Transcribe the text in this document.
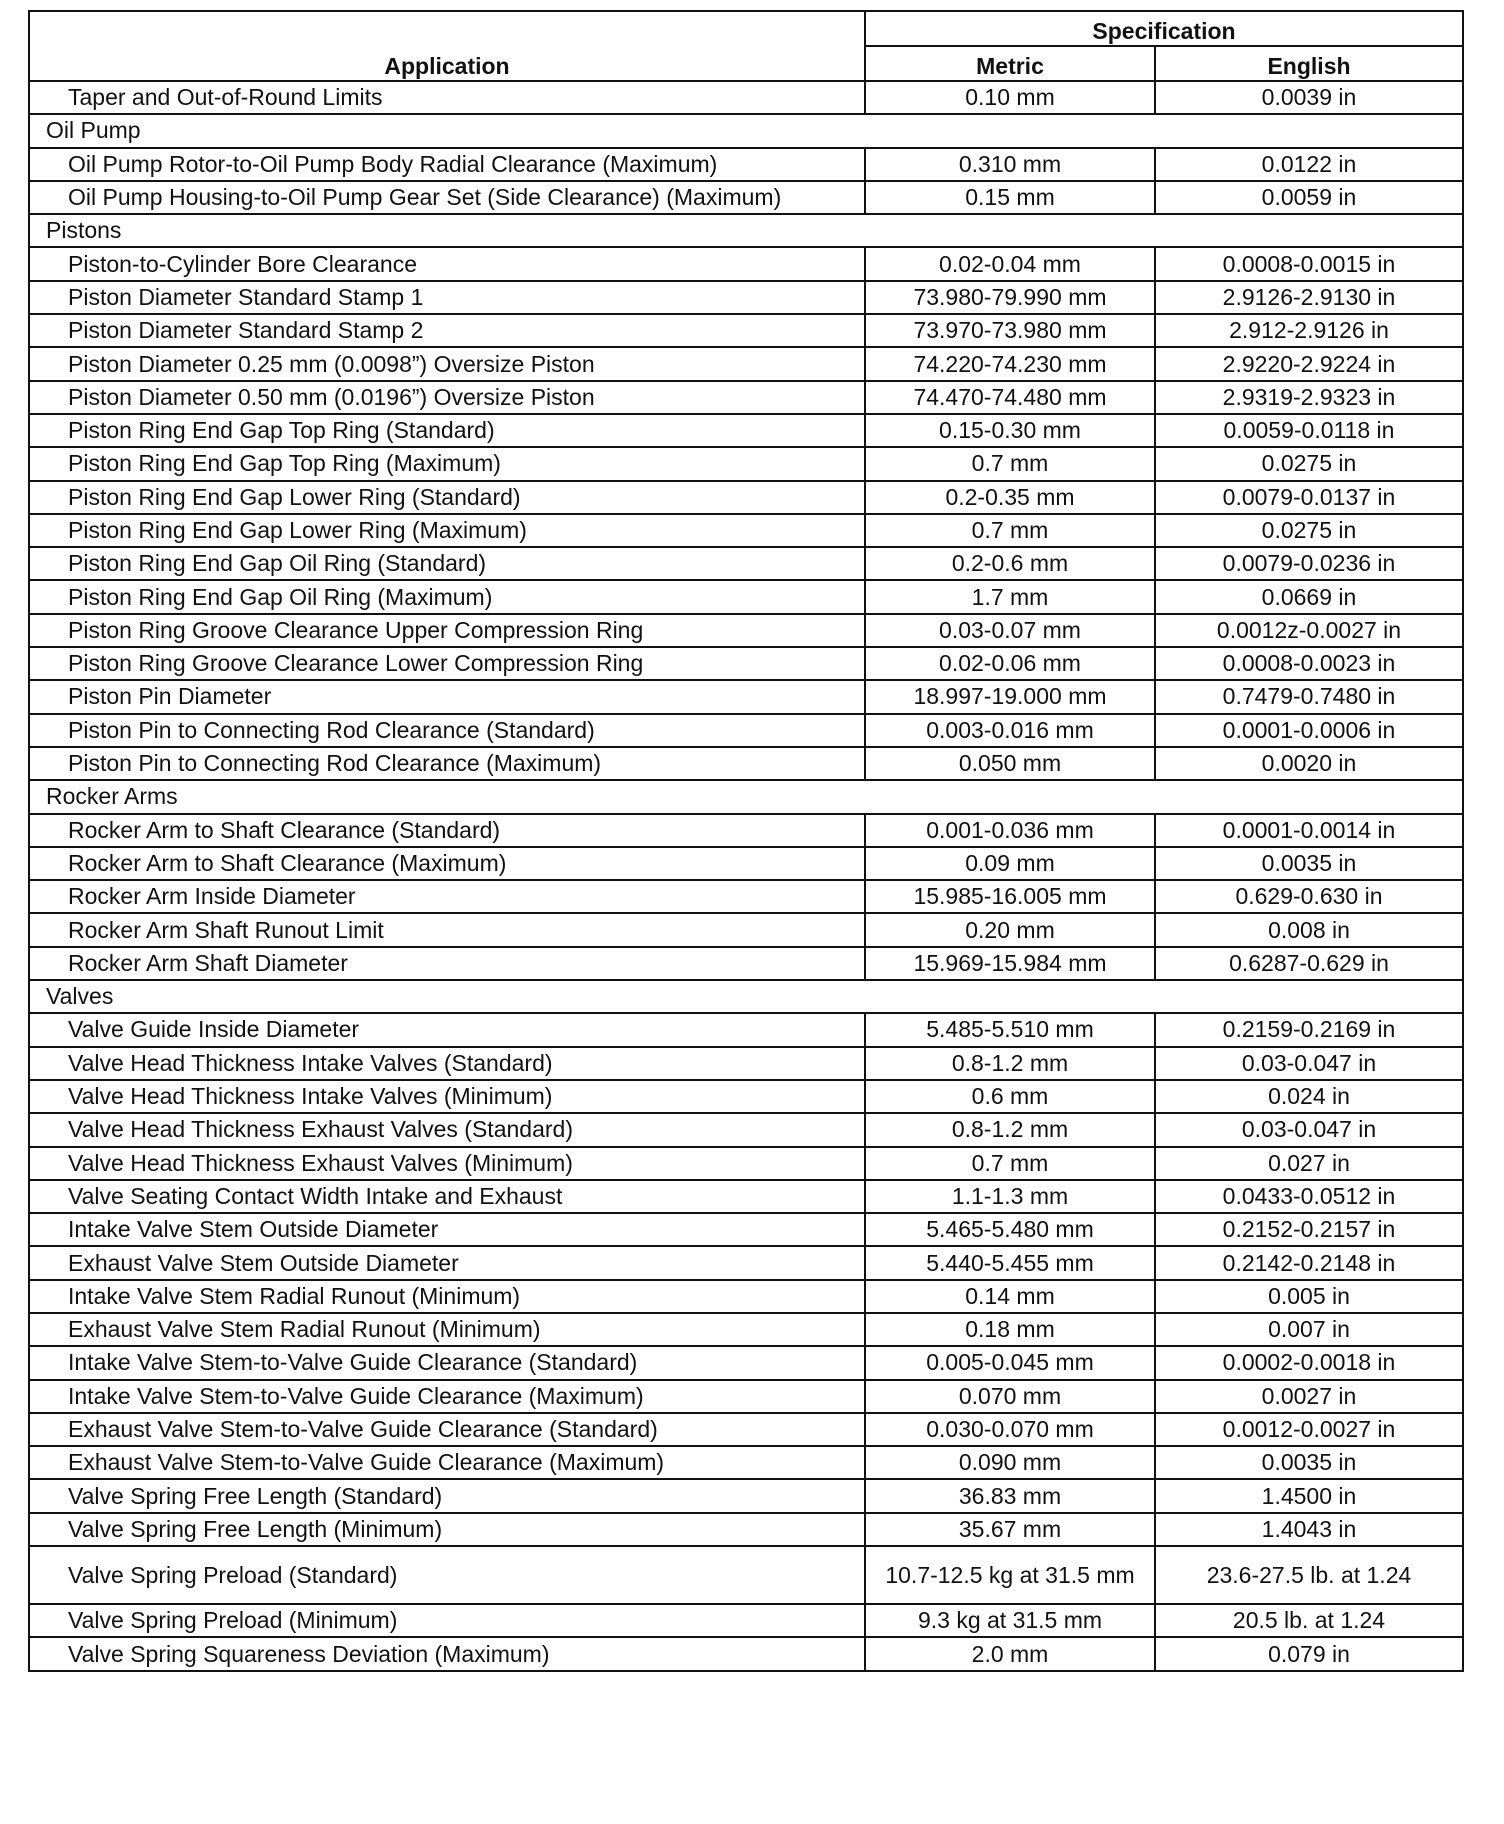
Application	Specification	
	Metric	English
Taper and Out-of-Round Limits	0.10 mm	0.0039 in
Oil Pump		
Oil Pump Rotor-to-Oil Pump Body Radial Clearance (Maximum)	0.310 mm	0.0122 in
Oil Pump Housing-to-Oil Pump Gear Set (Side Clearance) (Maximum)	0.15 mm	0.0059 in
Pistons		
Piston-to-Cylinder Bore Clearance	0.02-0.04 mm	0.0008-0.0015 in
Piston Diameter Standard Stamp 1	73.980-79.990 mm	2.9126-2.9130 in
Piston Diameter Standard Stamp 2	73.970-73.980 mm	2.912-2.9126 in
Piston Diameter 0.25 mm (0.0098”) Oversize Piston	74.220-74.230 mm	2.9220-2.9224 in
Piston Diameter 0.50 mm (0.0196”) Oversize Piston	74.470-74.480 mm	2.9319-2.9323 in
Piston Ring End Gap Top Ring (Standard)	0.15-0.30 mm	0.0059-0.0118 in
Piston Ring End Gap Top Ring (Maximum)	0.7 mm	0.0275 in
Piston Ring End Gap Lower Ring (Standard)	0.2-0.35 mm	0.0079-0.0137 in
Piston Ring End Gap Lower Ring (Maximum)	0.7 mm	0.0275 in
Piston Ring End Gap Oil Ring (Standard)	0.2-0.6 mm	0.0079-0.0236 in
Piston Ring End Gap Oil Ring (Maximum)	1.7 mm	0.0669 in
Piston Ring Groove Clearance Upper Compression Ring	0.03-0.07 mm	0.0012z-0.0027 in
Piston Ring Groove Clearance Lower Compression Ring	0.02-0.06 mm	0.0008-0.0023 in
Piston Pin Diameter	18.997-19.000 mm	0.7479-0.7480 in
Piston Pin to Connecting Rod Clearance (Standard)	0.003-0.016 mm	0.0001-0.0006 in
Piston Pin to Connecting Rod Clearance (Maximum)	0.050 mm	0.0020 in
Rocker Arms		
Rocker Arm to Shaft Clearance (Standard)	0.001-0.036 mm	0.0001-0.0014 in
Rocker Arm to Shaft Clearance (Maximum)	0.09 mm	0.0035 in
Rocker Arm Inside Diameter	15.985-16.005 mm	0.629-0.630 in
Rocker Arm Shaft Runout Limit	0.20 mm	0.008 in
Rocker Arm Shaft Diameter	15.969-15.984 mm	0.6287-0.629 in
Valves		
Valve Guide Inside Diameter	5.485-5.510 mm	0.2159-0.2169 in
Valve Head Thickness Intake Valves (Standard)	0.8-1.2 mm	0.03-0.047 in
Valve Head Thickness Intake Valves (Minimum)	0.6 mm	0.024 in
Valve Head Thickness Exhaust Valves (Standard)	0.8-1.2 mm	0.03-0.047 in
Valve Head Thickness Exhaust Valves (Minimum)	0.7 mm	0.027 in
Valve Seating Contact Width Intake and Exhaust	1.1-1.3 mm	0.0433-0.0512 in
Intake Valve Stem Outside Diameter	5.465-5.480 mm	0.2152-0.2157 in
Exhaust Valve Stem Outside Diameter	5.440-5.455 mm	0.2142-0.2148 in
Intake Valve Stem Radial Runout (Minimum)	0.14 mm	0.005 in
Exhaust Valve Stem Radial Runout (Minimum)	0.18 mm	0.007 in
Intake Valve Stem-to-Valve Guide Clearance (Standard)	0.005-0.045 mm	0.0002-0.0018 in
Intake Valve Stem-to-Valve Guide Clearance (Maximum)	0.070 mm	0.0027 in
Exhaust Valve Stem-to-Valve Guide Clearance (Standard)	0.030-0.070 mm	0.0012-0.0027 in
Exhaust Valve Stem-to-Valve Guide Clearance (Maximum)	0.090 mm	0.0035 in
Valve Spring Free Length (Standard)	36.83 mm	1.4500 in
Valve Spring Free Length (Minimum)	35.67 mm	1.4043 in
Valve Spring Preload (Standard)	10.7-12.5 kg at 31.5 mm	23.6-27.5 lb. at 1.24
Valve Spring Preload (Minimum)	9.3 kg at 31.5 mm	20.5 lb. at 1.24
Valve Spring Squareness Deviation (Maximum)	2.0 mm	0.079 in
